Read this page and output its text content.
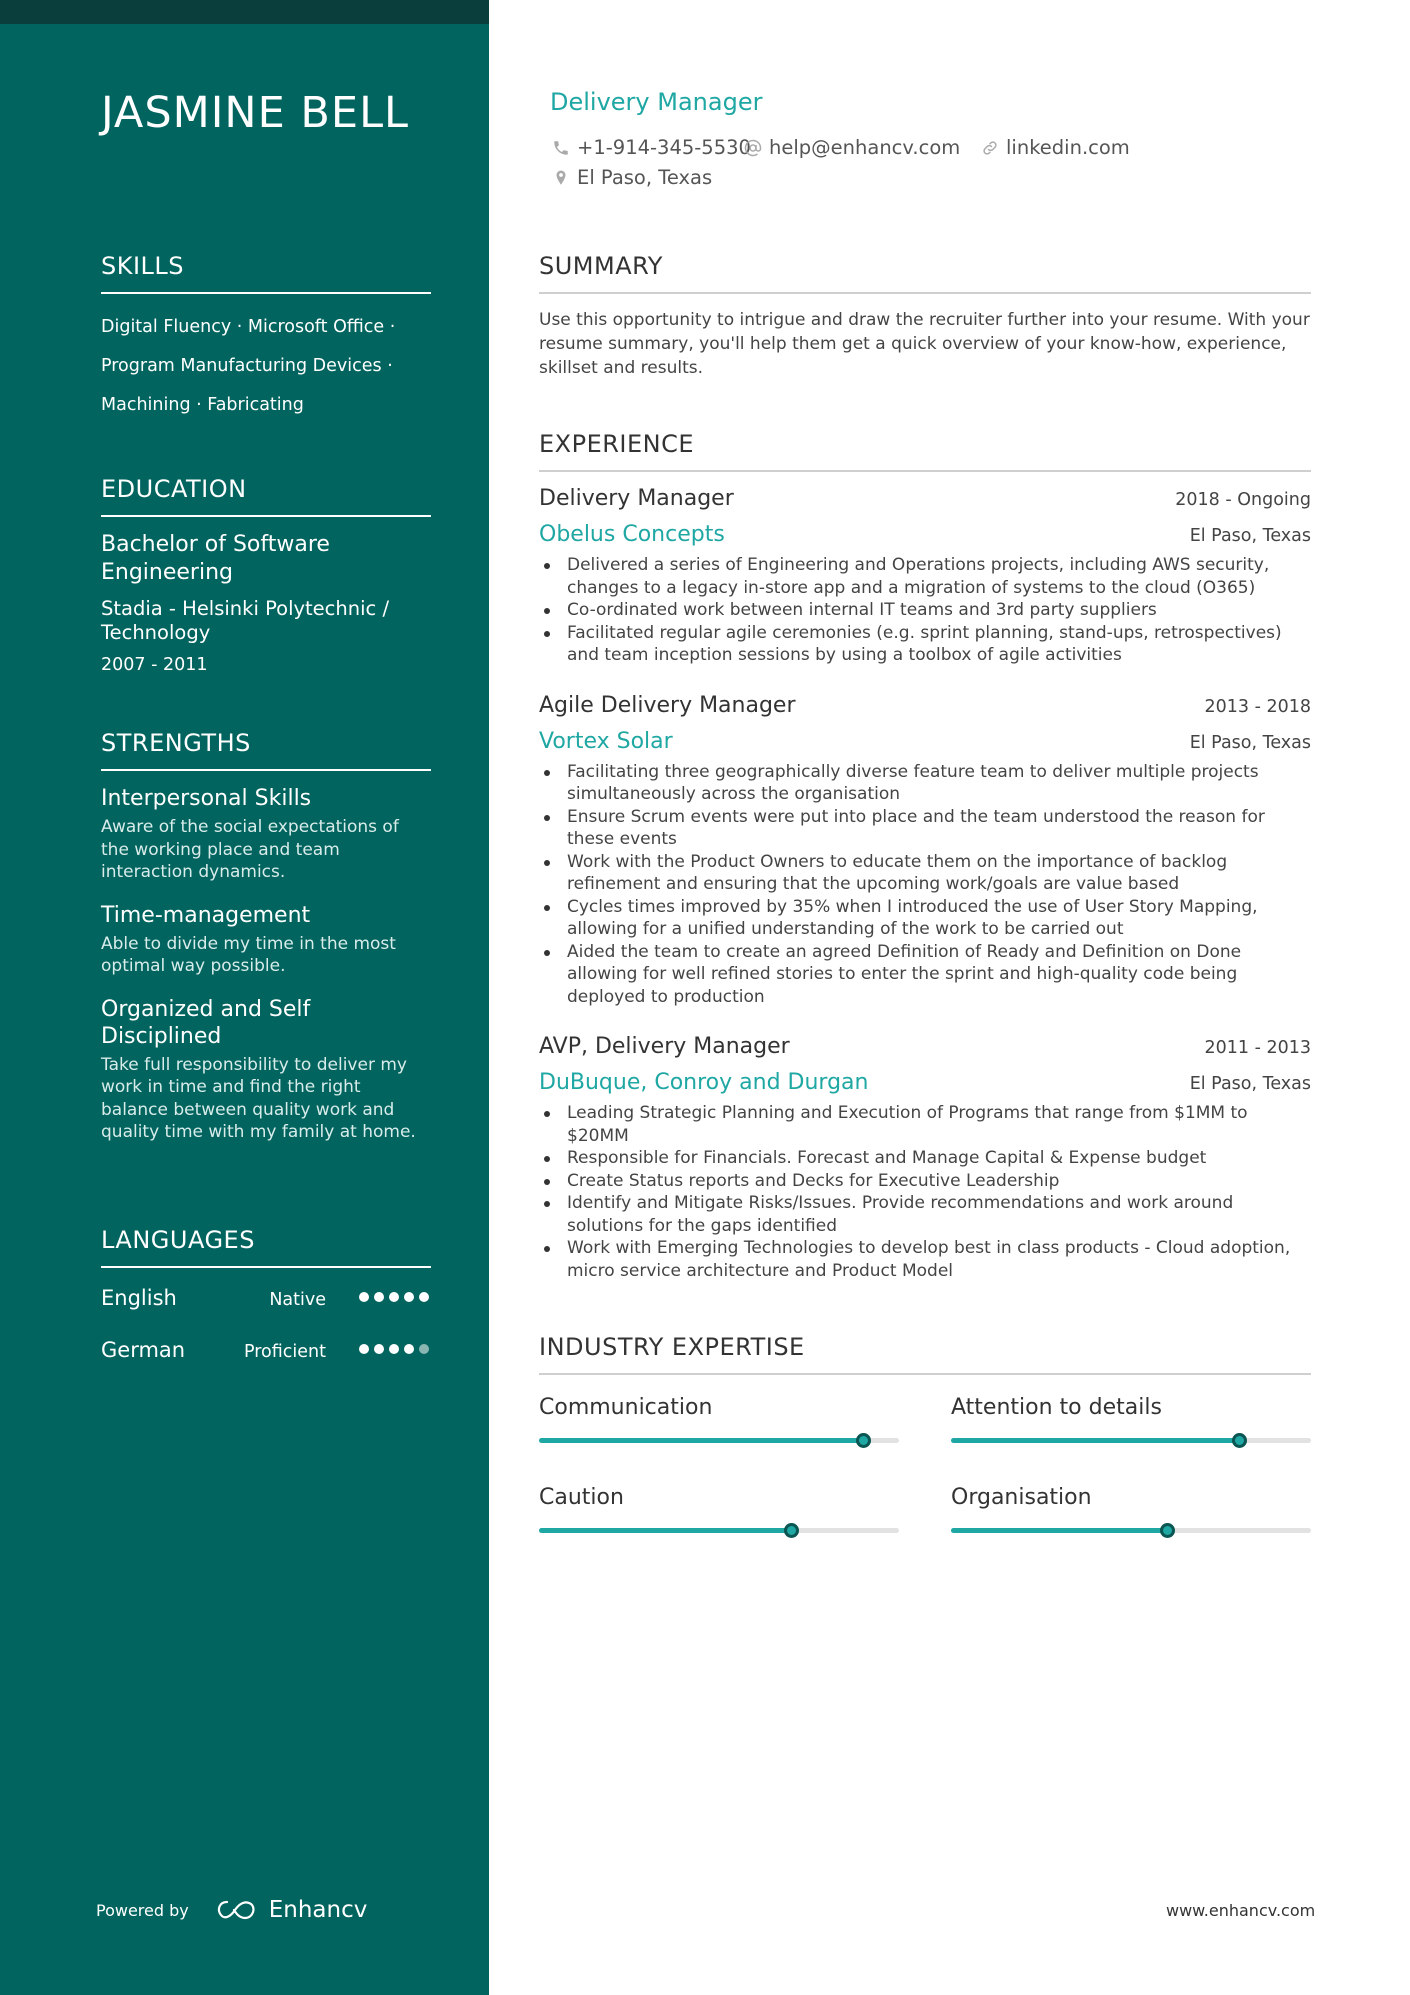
JASMINE BELL
SKILLS
Digital Fluency · Microsoft Office ·
Program Manufacturing Devices ·
Machining · Fabricating
EDUCATION
Bachelor of Software Engineering
Stadia - Helsinki Polytechnic / Technology
2007 - 2011
STRENGTHS
Interpersonal Skills
Aware of the social expectations of the working place and team interaction dynamics.
Time-management
Able to divide my time in the most optimal way possible.
Organized and Self Disciplined
Take full responsibility to deliver my work in time and find the right balance between quality work and quality time with my family at home.
LANGUAGES
English	Native
German	Proficient
Powered by	Enhancv
Delivery Manager
+1-914-345-5530 help@enhancv.com linkedin.com
El Paso, Texas
SUMMARY

Use this opportunity to intrigue and draw the recruiter further into your resume. With your resume summary, you'll help them get a quick overview of your know-how, experience, skillset and results.

EXPERIENCE
Delivery Manager	2018 - Ongoing
Obelus Concepts	El Paso, Texas
Delivered a series of Engineering and Operations projects, including AWS security, changes to a legacy in-store app and a migration of systems to the cloud (O365)
Co-ordinated work between internal IT teams and 3rd party suppliers
Facilitated regular agile ceremonies (e.g. sprint planning, stand-ups, retrospectives) and team inception sessions by using a toolbox of agile activities
Agile Delivery Manager	2013 - 2018
Vortex Solar	El Paso, Texas
Facilitating three geographically diverse feature team to deliver multiple projects simultaneously across the organisation
Ensure Scrum events were put into place and the team understood the reason for these events
Work with the Product Owners to educate them on the importance of backlog refinement and ensuring that the upcoming work/goals are value based
Cycles times improved by 35% when I introduced the use of User Story Mapping, allowing for a unified understanding of the work to be carried out
Aided the team to create an agreed Definition of Ready and Definition on Done allowing for well refined stories to enter the sprint and high-quality code being deployed to production
AVP, Delivery Manager	2011 - 2013
DuBuque, Conroy and Durgan	El Paso, Texas
Leading Strategic Planning and Execution of Programs that range from $1MM to $20MM
Responsible for Financials. Forecast and Manage Capital & Expense budget
Create Status reports and Decks for Executive Leadership
Identify and Mitigate Risks/Issues. Provide recommendations and work around solutions for the gaps identified
Work with Emerging Technologies to develop best in class products - Cloud adoption, micro service architecture and Product Model
INDUSTRY EXPERTISE
Communication	Attention to details
Caution	Organisation
www.enhancv.com
